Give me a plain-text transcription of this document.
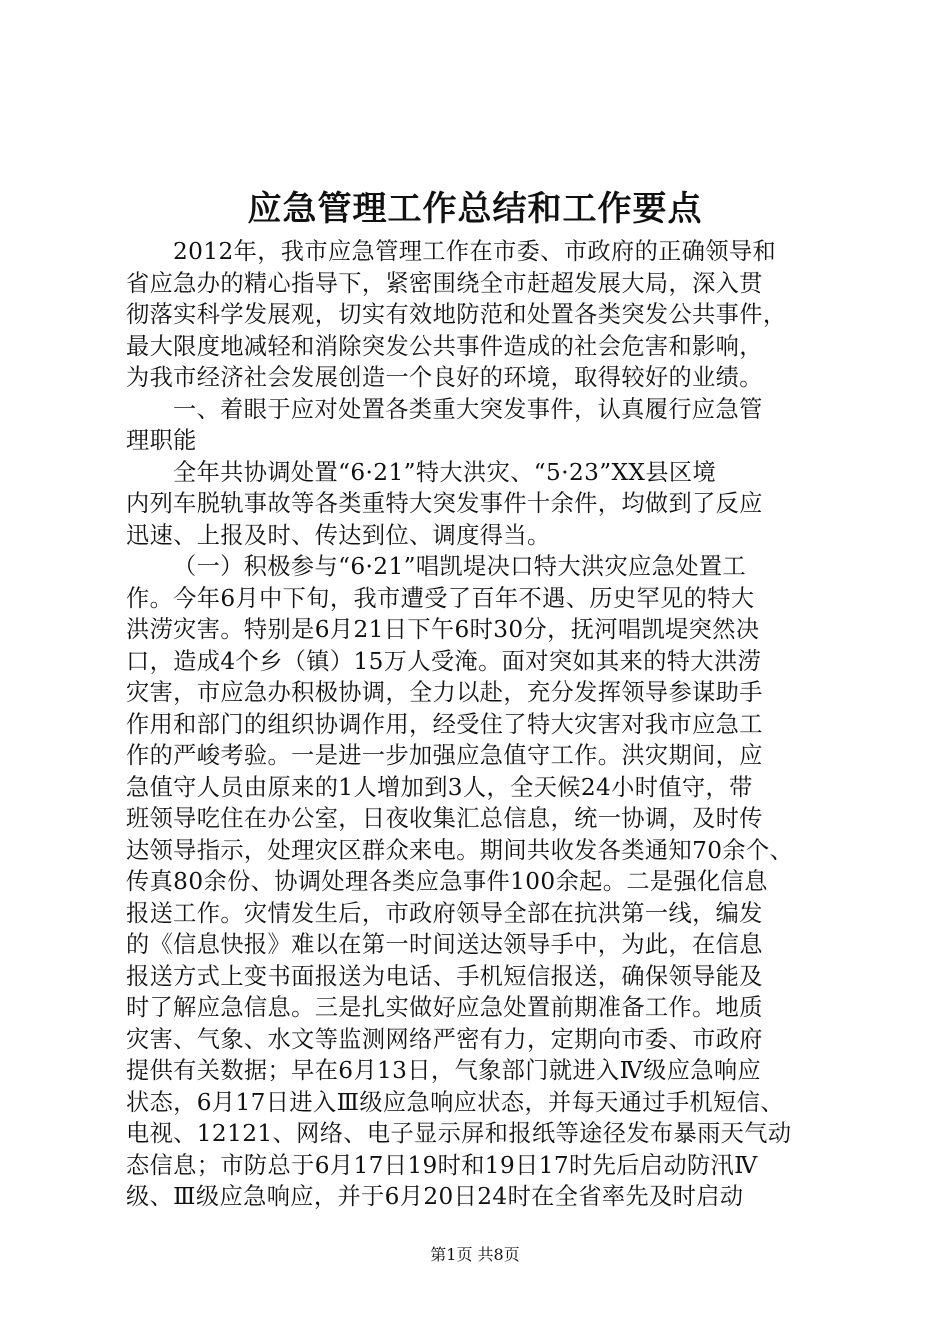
应急管理工作总结和工作要点
2012年，我市应急管理工作在市委、市政府的正确领导和
省应急办的精心指导下，紧密围绕全市赶超发展大局，深入贯
彻落实科学发展观，切实有效地防范和处置各类突发公共事件，
最大限度地减轻和消除突发公共事件造成的社会危害和影响，
为我市经济社会发展创造一个良好的环境，取得较好的业绩。
一、着眼于应对处置各类重大突发事件，认真履行应急管
理职能
全年共协调处置“6·21”特大洪灾、“5·23”XX县区境
内列车脱轨事故等各类重特大突发事件十余件，均做到了反应
迅速、上报及时、传达到位、调度得当。
（一）积极参与“6·21”唱凯堤决口特大洪灾应急处置工
作。今年6月中下旬，我市遭受了百年不遇、历史罕见的特大
洪涝灾害。特别是6月21日下午6时30分，抚河唱凯堤突然决
口，造成4个乡（镇）15万人受淹。面对突如其来的特大洪涝
灾害，市应急办积极协调，全力以赴，充分发挥领导参谋助手
作用和部门的组织协调作用，经受住了特大灾害对我市应急工
作的严峻考验。一是进一步加强应急值守工作。洪灾期间，应
急值守人员由原来的1人增加到3人，全天候24小时值守，带
班领导吃住在办公室，日夜收集汇总信息，统一协调，及时传
达领导指示，处理灾区群众来电。期间共收发各类通知70余个、
传真80余份、协调处理各类应急事件100余起。二是强化信息
报送工作。灾情发生后，市政府领导全部在抗洪第一线，编发
的《信息快报》难以在第一时间送达领导手中，为此，在信息
报送方式上变书面报送为电话、手机短信报送，确保领导能及
时了解应急信息。三是扎实做好应急处置前期准备工作。地质
灾害、气象、水文等监测网络严密有力，定期向市委、市政府
提供有关数据；早在6月13日，气象部门就进入Ⅳ级应急响应
状态，6月17日进入Ⅲ级应急响应状态，并每天通过手机短信、
电视、12121、网络、电子显示屏和报纸等途径发布暴雨天气动
态信息；市防总于6月17日19时和19日17时先后启动防汛Ⅳ
级、Ⅲ级应急响应，并于6月20日24时在全省率先及时启动
第1页 共8页
